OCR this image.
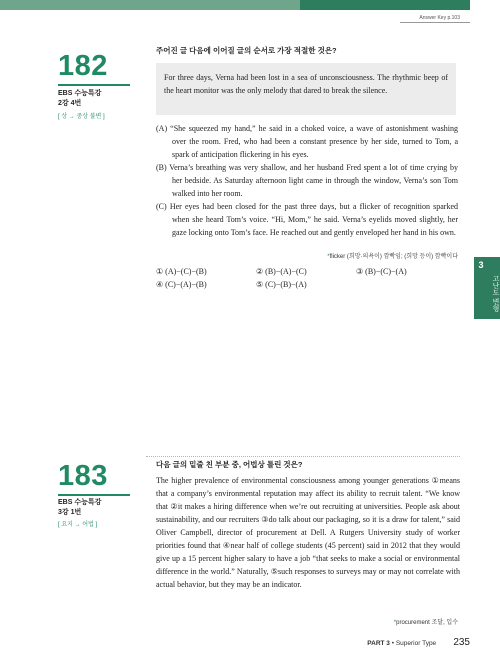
Answer Key p.103
182
EBS 수능특강
2강 4번
[ 상 → 중상 불변 ]
주어진 글 다음에 이어질 글의 순서로 가장 적절한 것은?

For three days, Verna had been lost in a sea of unconsciousness. The rhythmic beep of the heart monitor was the only melody that dared to break the silence.

(A) “She squeezed my hand,” he said in a choked voice, a wave of astonishment washing over the room. Fred, who had been a constant presence by her side, turned to Tom, a spark of anticipation flickering in his eyes.

(B) Verna’s breathing was very shallow, and her husband Fred spent a lot of time crying by her bedside. As Saturday afternoon light came in through the window, Verna’s son Tom walked into her room.

(C) Her eyes had been closed for the past three days, but a flicker of recognition sparked when she heard Tom’s voice. “Hi, Mom,” he said. Verna’s eyelids moved slightly, her gaze locking onto Tom’s face. He reached out and gently enveloped her hand in his own.

*flicker (희망·의욕이) 깜빡임; (희망 등이) 깜빡이다
① (A)−(C)−(B)	② (B)−(A)−(C)	③ (B)−(C)−(A)
④ (C)−(A)−(B)	⑤ (C)−(B)−(A)
3
고난도 변형
183
EBS 수능특강
3강 1번
[ 요지 → 어법 ]
다음 글의 밑줄 친 부분 중, 어법상 틀린 것은?

The higher prevalence of environmental consciousness among younger generations ①means that a company’s environmental reputation may affect its ability to recruit talent. “We know that ②it makes a hiring difference when we’re out recruiting at universities. People ask about sustainability, and our recruiters ③do talk about our packaging, so it is a draw for talent,” said Oliver Campbell, director of procurement at Dell. A Rutgers University study of worker priorities found that ④near half of college students (45 percent) said in 2012 that they would give up a 15 percent higher salary to have a job “that seeks to make a social or environmental difference in the world.” Naturally, ⑤such responses to surveys may or may not correlate with actual behavior, but they may be an indicator.

*procurement 조달, 입수
PART 3 • Superior Type	235
